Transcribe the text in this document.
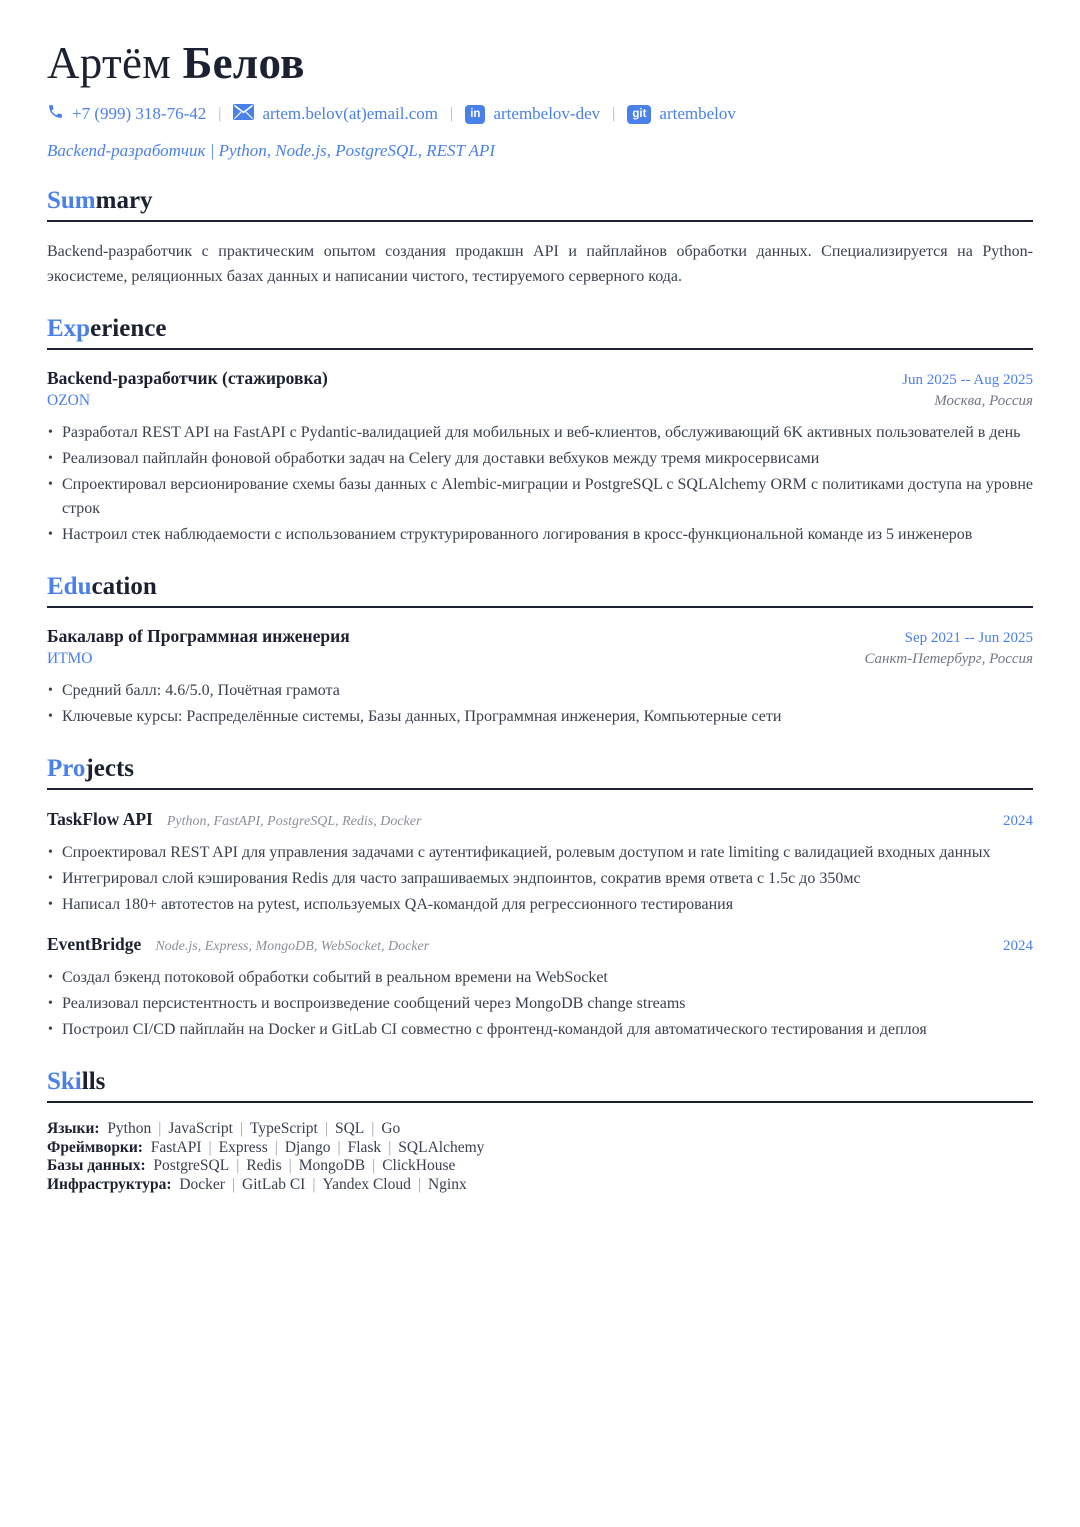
Артём Белов
+7 (999) 318-76-42 | artem.belov(at)email.com |	in artembelov-dev |	git artembelov
Backend-разработчик | Python, Node.js, PostgreSQL, REST API
Summary

Backend-разработчик с практическим опытом создания продакшн API и пайплайнов обработки данных. Специализируется на Python-экосистеме, реляционных базах данных и написании чистого, тестируемого серверного кода.

Experience
Backend-разработчик (стажировка)	Jun 2025 -- Aug 2025
OZON	Москва, Россия
• Разработал REST API на FastAPI с Pydantic-валидацией для мобильных и веб-клиентов, обслуживающий 6K активных пользователей в день
• Реализовал пайплайн фоновой обработки задач на Celery для доставки вебхуков между тремя микросервисами
• Спроектировал версионирование схемы базы данных с Alembic-миграции и PostgreSQL с SQLAlchemy ORM с политиками доступа на уровне строк
• Настроил стек наблюдаемости с использованием структурированного логирования в кросс-функциональной команде из 5 инженеров
Education
Бакалавр of Программная инженерия	Sep 2021 -- Jun 2025
ИТМО	Санкт-Петербург, Россия
• Средний балл: 4.6/5.0, Почётная грамота
• Ключевые курсы: Распределённые системы, Базы данных, Программная инженерия, Компьютерные сети
Projects
TaskFlow API Python, FastAPI, PostgreSQL, Redis, Docker	2024
• Спроектировал REST API для управления задачами с аутентификацией, ролевым доступом и rate limiting с валидацией входных данных
• Интегрировал слой кэширования Redis для часто запрашиваемых эндпоинтов, сократив время ответа с 1.5с до 350мс
• Написал 180+ автотестов на pytest, используемых QA-командой для регрессионного тестирования
EventBridge Node.js, Express, MongoDB, WebSocket, Docker	2024
• Создал бэкенд потоковой обработки событий в реальном времени на WebSocket
• Реализовал персистентность и воспроизведение сообщений через MongoDB change streams
• Построил CI/CD пайплайн на Docker и GitLab CI совместно с фронтенд-командой для автоматического тестирования и деплоя
Skills
Языки: Python | JavaScript | TypeScript | SQL | Go
Фреймворки: FastAPI | Express | Django | Flask | SQLAlchemy
Базы данных: PostgreSQL | Redis | MongoDB | ClickHouse
Инфраструктура: Docker | GitLab CI | Yandex Cloud | Nginx
